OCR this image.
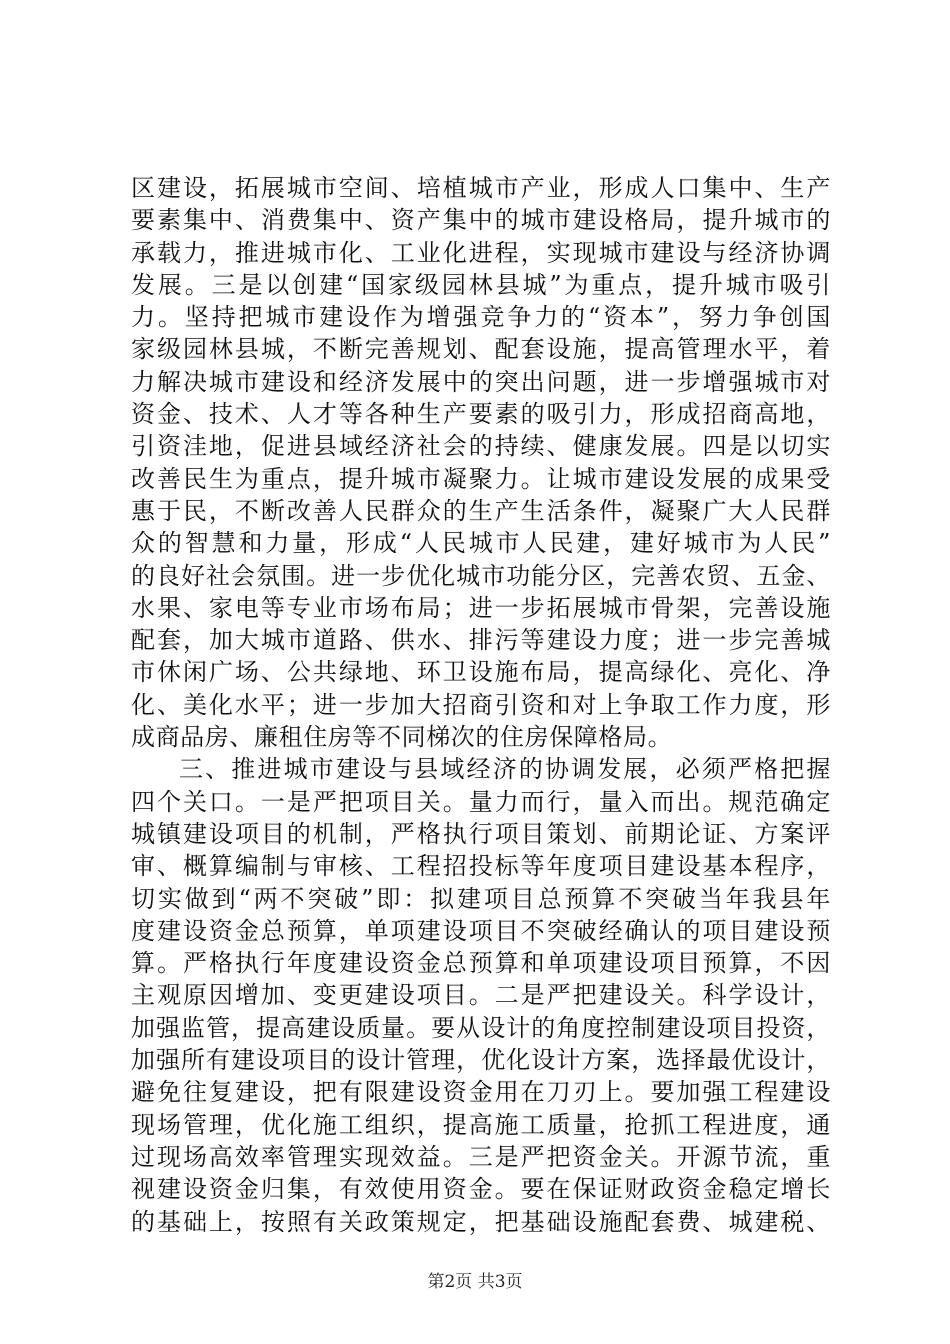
区建设，拓展城市空间、培植城市产业，形成人口集中、生产
要素集中、消费集中、资产集中的城市建设格局，提升城市的
承载力，推进城市化、工业化进程，实现城市建设与经济协调
发展。三是以创建“国家级园林县城”为重点，提升城市吸引
力。坚持把城市建设作为增强竞争力的“资本”，努力争创国
家级园林县城，不断完善规划、配套设施，提高管理水平，着
力解决城市建设和经济发展中的突出问题，进一步增强城市对
资金、技术、人才等各种生产要素的吸引力，形成招商高地，
引资洼地，促进县域经济社会的持续、健康发展。四是以切实
改善民生为重点，提升城市凝聚力。让城市建设发展的成果受
惠于民，不断改善人民群众的生产生活条件，凝聚广大人民群
众的智慧和力量，形成“人民城市人民建，建好城市为人民”
的良好社会氛围。进一步优化城市功能分区，完善农贸、五金、
水果、家电等专业市场布局；进一步拓展城市骨架，完善设施
配套，加大城市道路、供水、排污等建设力度；进一步完善城
市休闲广场、公共绿地、环卫设施布局，提高绿化、亮化、净
化、美化水平；进一步加大招商引资和对上争取工作力度，形
成商品房、廉租住房等不同梯次的住房保障格局。
三、推进城市建设与县域经济的协调发展，必须严格把握
四个关口。一是严把项目关。量力而行，量入而出。规范确定
城镇建设项目的机制，严格执行项目策划、前期论证、方案评
审、概算编制与审核、工程招投标等年度项目建设基本程序，
切实做到“两不突破”即：拟建项目总预算不突破当年我县年
度建设资金总预算，单项建设项目不突破经确认的项目建设预
算。严格执行年度建设资金总预算和单项建设项目预算，不因
主观原因增加、变更建设项目。二是严把建设关。科学设计，
加强监管，提高建设质量。要从设计的角度控制建设项目投资，
加强所有建设项目的设计管理，优化设计方案，选择最优设计，
避免往复建设，把有限建设资金用在刀刃上。要加强工程建设
现场管理，优化施工组织，提高施工质量，抢抓工程进度，通
过现场高效率管理实现效益。三是严把资金关。开源节流，重
视建设资金归集，有效使用资金。要在保证财政资金稳定增长
的基础上，按照有关政策规定，把基础设施配套费、城建税、
第2页 共3页
